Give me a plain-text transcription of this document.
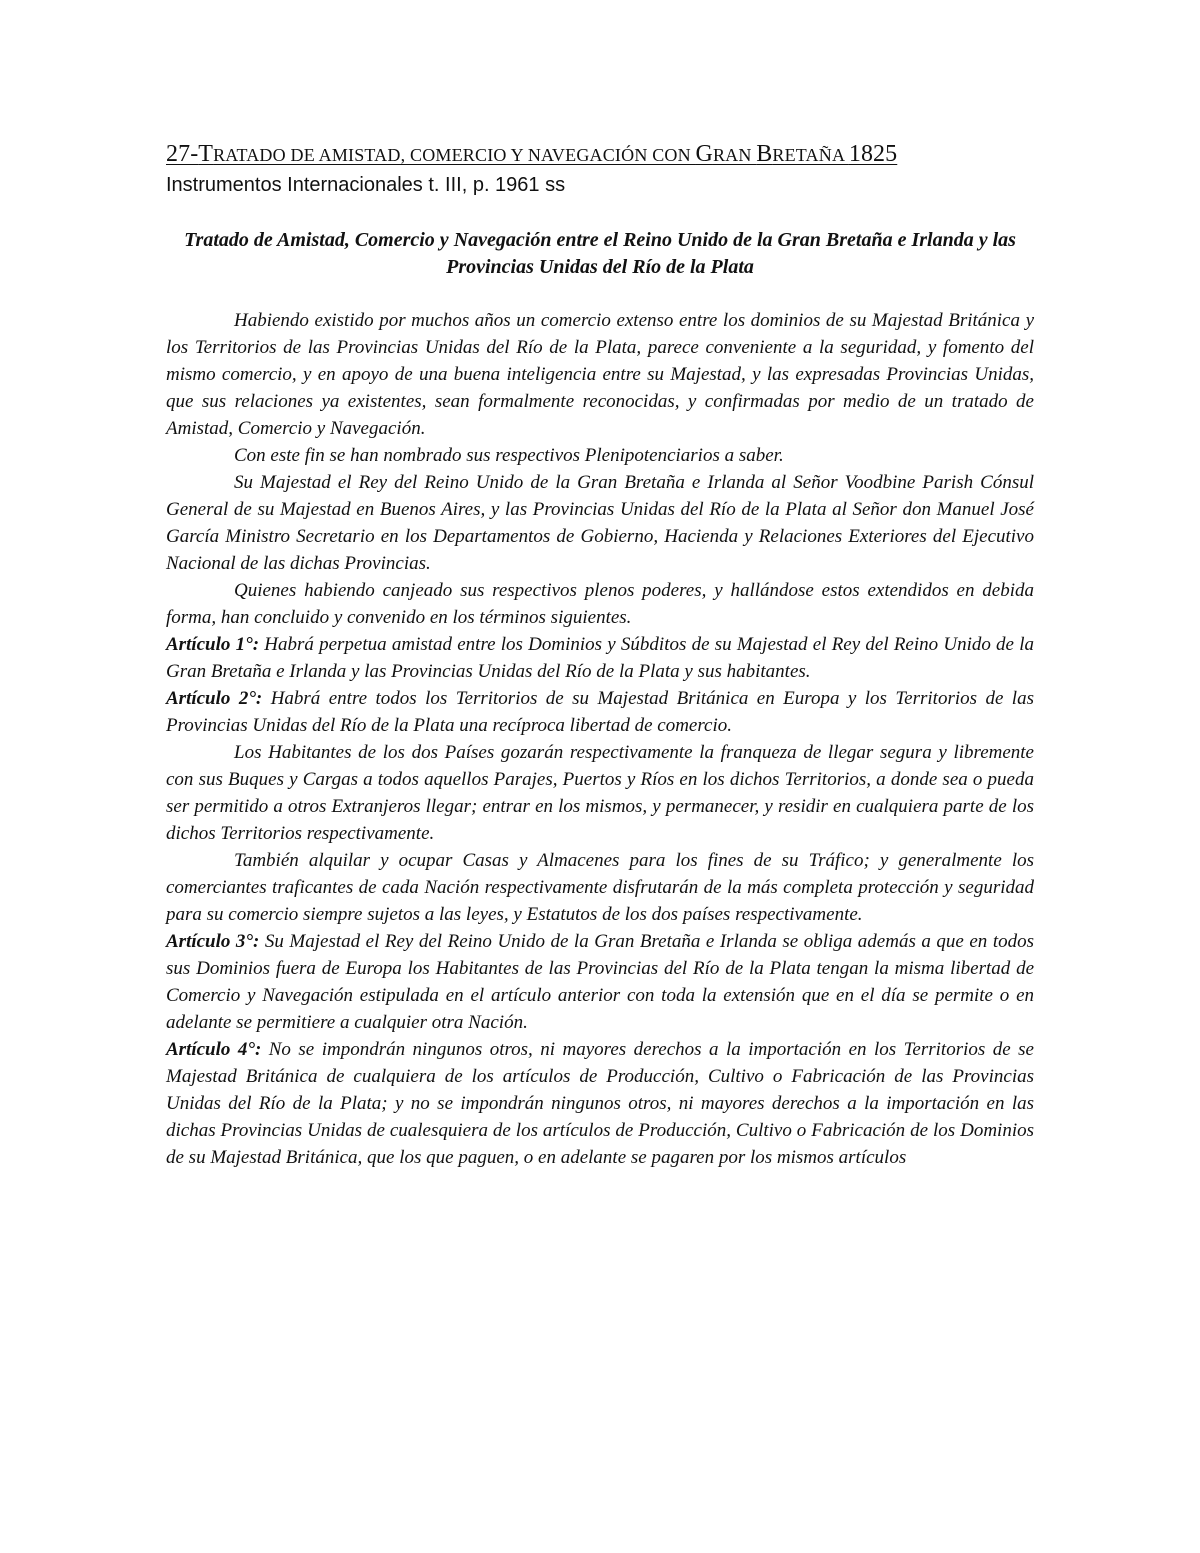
27-TRATADO DE AMISTAD, COMERCIO Y NAVEGACIÓN CON GRAN BRETAÑA 1825
Instrumentos Internacionales t. III, p. 1961 ss
Tratado de Amistad, Comercio y Navegación entre el Reino Unido de la Gran Bretaña e Irlanda y las Provincias Unidas del Río de la Plata

Habiendo existido por muchos años un comercio extenso entre los dominios de su Majestad Británica y los Territorios de las Provincias Unidas del Río de la Plata, parece conveniente a la seguridad, y fomento del mismo comercio, y en apoyo de una buena inteligencia entre su Majestad, y las expresadas Provincias Unidas, que sus relaciones ya existentes, sean formalmente reconocidas, y confirmadas por medio de un tratado de Amistad, Comercio y Navegación.

Con este fin se han nombrado sus respectivos Plenipotenciarios a saber.

Su Majestad el Rey del Reino Unido de la Gran Bretaña e Irlanda al Señor Voodbine Parish Cónsul General de su Majestad en Buenos Aires, y las Provincias Unidas del Río de la Plata al Señor don Manuel José García Ministro Secretario en los Departamentos de Gobierno, Hacienda y Relaciones Exteriores del Ejecutivo Nacional de las dichas Provincias.

Quienes habiendo canjeado sus respectivos plenos poderes, y hallándose estos extendidos en debida forma, han concluido y convenido en los términos siguientes.

Artículo 1°: Habrá perpetua amistad entre los Dominios y Súbditos de su Majestad el Rey del Reino Unido de la Gran Bretaña e Irlanda y las Provincias Unidas del Río de la Plata y sus habitantes.

Artículo 2°: Habrá entre todos los Territorios de su Majestad Británica en Europa y los Territorios de las Provincias Unidas del Río de la Plata una recíproca libertad de comercio.

Los Habitantes de los dos Países gozarán respectivamente la franqueza de llegar segura y libremente con sus Buques y Cargas a todos aquellos Parajes, Puertos y Ríos en los dichos Territorios, a donde sea o pueda ser permitido a otros Extranjeros llegar; entrar en los mismos, y permanecer, y residir en cualquiera parte de los dichos Territorios respectivamente.

También alquilar y ocupar Casas y Almacenes para los fines de su Tráfico; y generalmente los comerciantes traficantes de cada Nación respectivamente disfrutarán de la más completa protección y seguridad para su comercio siempre sujetos a las leyes, y Estatutos de los dos países respectivamente.

Artículo 3°: Su Majestad el Rey del Reino Unido de la Gran Bretaña e Irlanda se obliga además a que en todos sus Dominios fuera de Europa los Habitantes de las Provincias del Río de la Plata tengan la misma libertad de Comercio y Navegación estipulada en el artículo anterior con toda la extensión que en el día se permite o en adelante se permitiere a cualquier otra Nación.

Artículo 4°: No se impondrán ningunos otros, ni mayores derechos a la importación en los Territorios de se Majestad Británica de cualquiera de los artículos de Producción, Cultivo o Fabricación de las Provincias Unidas del Río de la Plata; y no se impondrán ningunos otros, ni mayores derechos a la importación en las dichas Provincias Unidas de cualesquiera de los artículos de Producción, Cultivo o Fabricación de los Dominios de su Majestad Británica, que los que paguen, o en adelante se pagaren por los mismos artículos
